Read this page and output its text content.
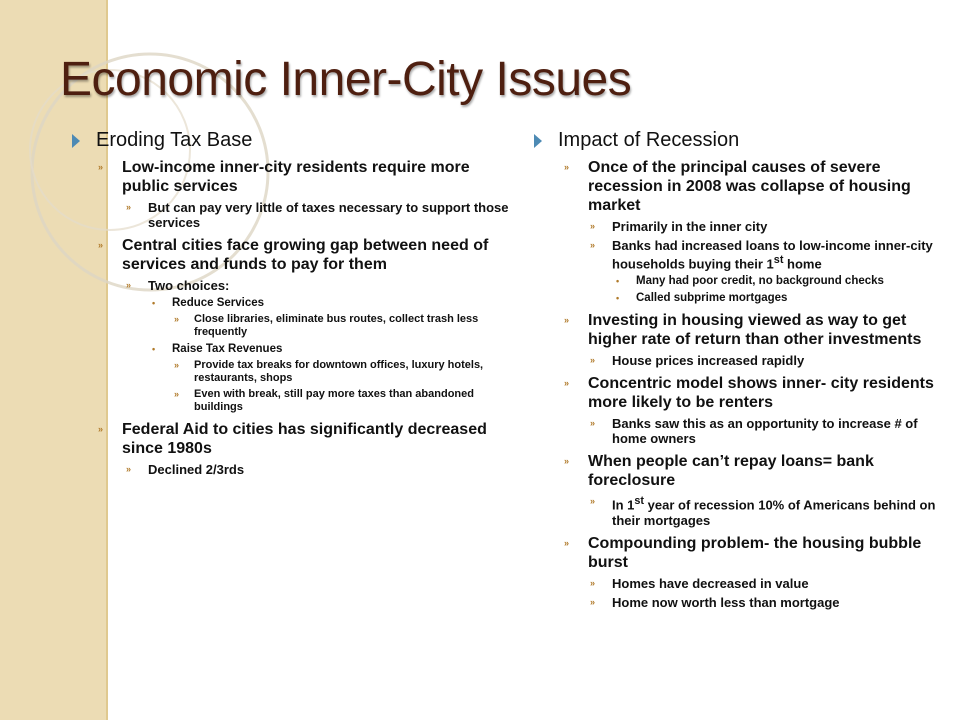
Economic Inner-City Issues
Eroding Tax Base
» Low-income inner-city residents require more public services
» But can pay very little of taxes necessary to support those services
» Central cities face growing gap between need of services and funds to pay for them
» Two choices:
• Reduce Services
» Close libraries, eliminate bus routes, collect trash less frequently
• Raise Tax Revenues
» Provide tax breaks for downtown offices, luxury hotels, restaurants, shops
» Even with break, still pay more taxes than abandoned buildings
» Federal Aid to cities has significantly decreased since 1980s
» Declined 2/3rds
Impact of Recession
» Once of the principal causes of severe recession in 2008 was collapse of housing market
» Primarily in the inner city
» Banks had increased loans to low-income inner-city households buying their 1st home
• Many had poor credit, no background checks
• Called subprime mortgages
» Investing in housing viewed as way to get higher rate of return than other investments
» House prices increased rapidly
» Concentric model shows inner- city residents more likely to be renters
» Banks saw this as an opportunity to increase # of home owners
» When people can’t repay loans= bank foreclosure
» In 1st year of recession 10% of Americans behind on their mortgages
» Compounding problem- the housing bubble burst
» Homes have decreased in value
» Home now worth less than mortgage
